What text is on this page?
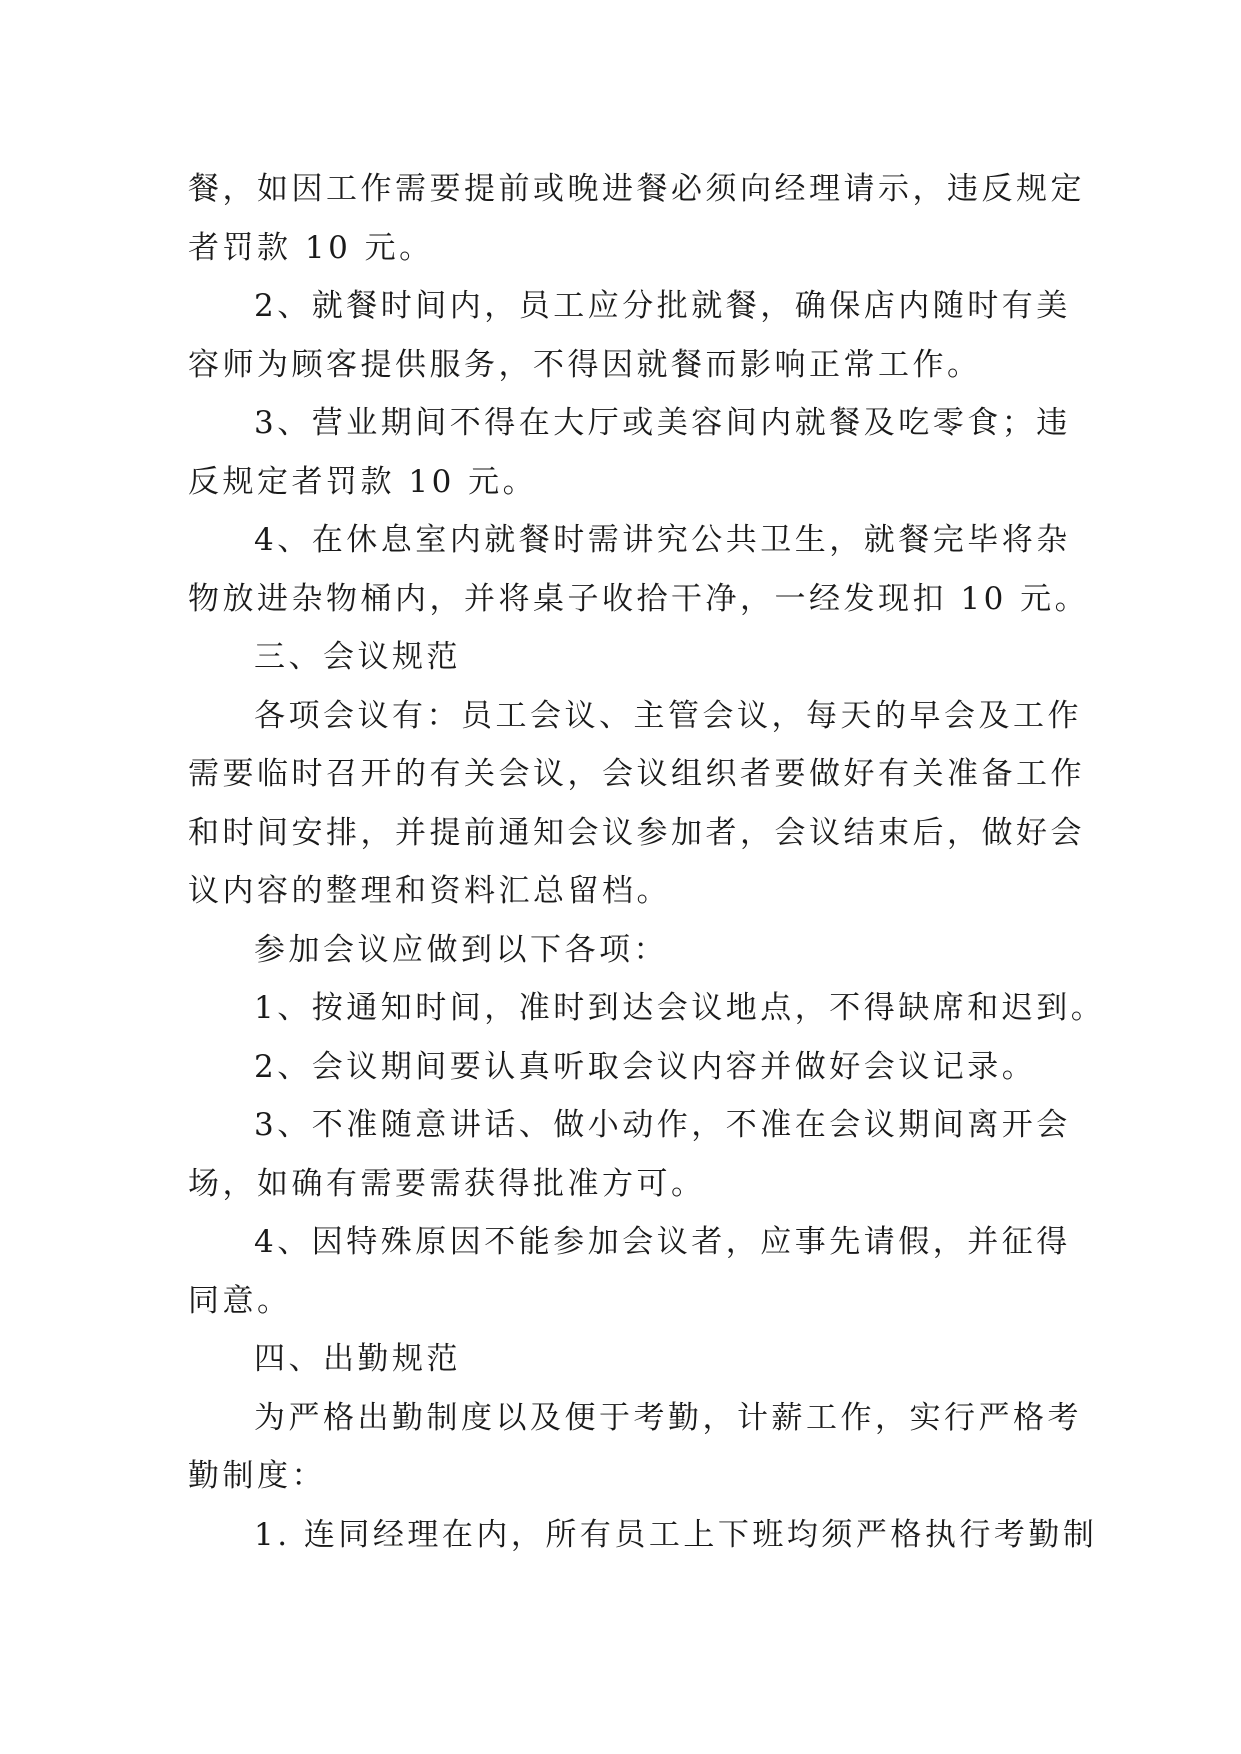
餐，如因工作需要提前或晚进餐必须向经理请示，违反规定
者罚款 10 元。
2、就餐时间内，员工应分批就餐，确保店内随时有美
容师为顾客提供服务，不得因就餐而影响正常工作。
3、营业期间不得在大厅或美容间内就餐及吃零食；违
反规定者罚款 10 元。
4、在休息室内就餐时需讲究公共卫生，就餐完毕将杂
物放进杂物桶内，并将桌子收拾干净，一经发现扣 10 元。
三、会议规范
各项会议有：员工会议、主管会议，每天的早会及工作
需要临时召开的有关会议，会议组织者要做好有关准备工作
和时间安排，并提前通知会议参加者，会议结束后，做好会
议内容的整理和资料汇总留档。
参加会议应做到以下各项：
1、按通知时间，准时到达会议地点，不得缺席和迟到。
2、会议期间要认真听取会议内容并做好会议记录。
3、不准随意讲话、做小动作，不准在会议期间离开会
场，如确有需要需获得批准方可。
4、因特殊原因不能参加会议者，应事先请假，并征得
同意。
四、出勤规范
为严格出勤制度以及便于考勤，计薪工作，实行严格考
勤制度：
1. 连同经理在内，所有员工上下班均须严格执行考勤制
